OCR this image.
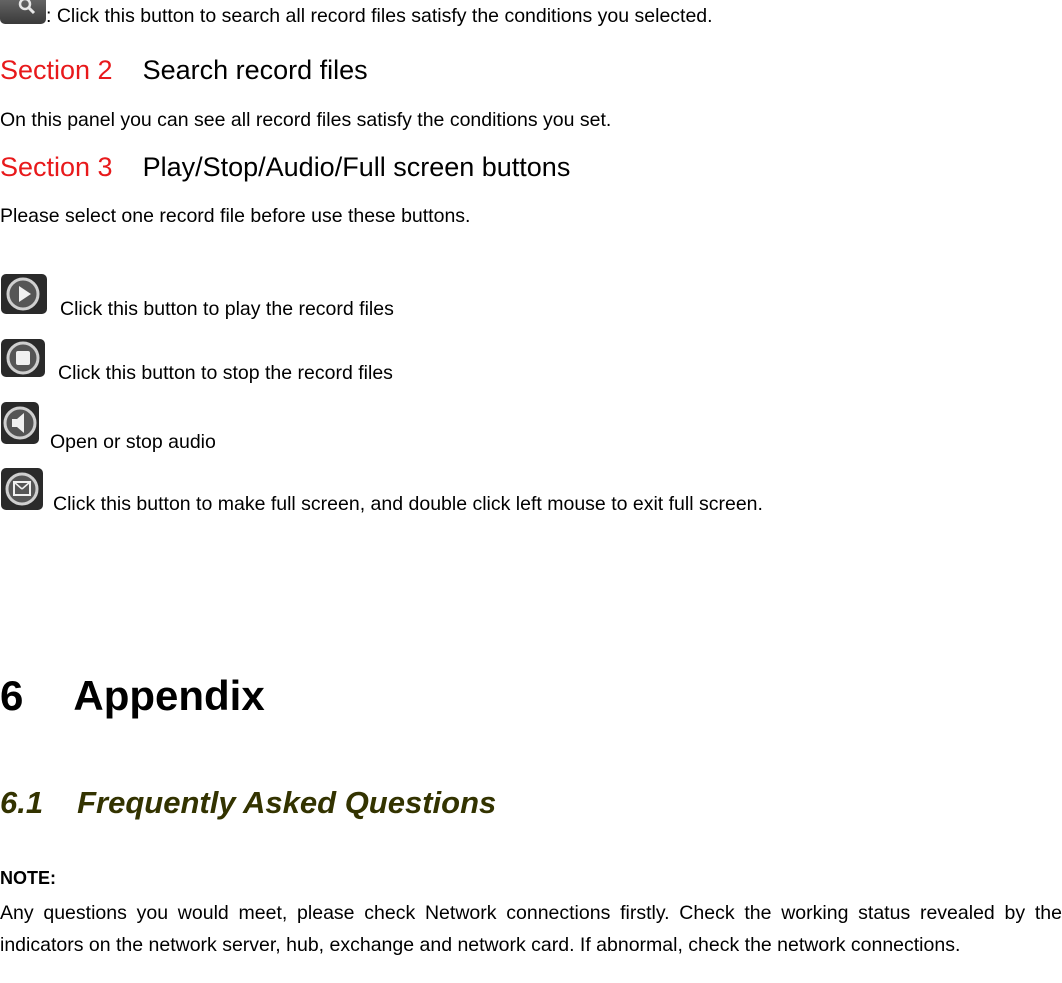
: Click this button to search all record files satisfy the conditions you selected.
Section 2 Search record files
On this panel you can see all record files satisfy the conditions you set.
Section 3 Play/Stop/Audio/Full screen buttons
Please select one record file before use these buttons.
Click this button to play the record files
Click this button to stop the record files
Open or stop audio
Click this button to make full screen, and double click left mouse to exit full screen.
6 Appendix
6.1 Frequently Asked Questions
NOTE:
Any questions you would meet, please check Network connections firstly. Check the working status revealed by the indicators on the network server, hub, exchange and network card. If abnormal, check the network connections.
